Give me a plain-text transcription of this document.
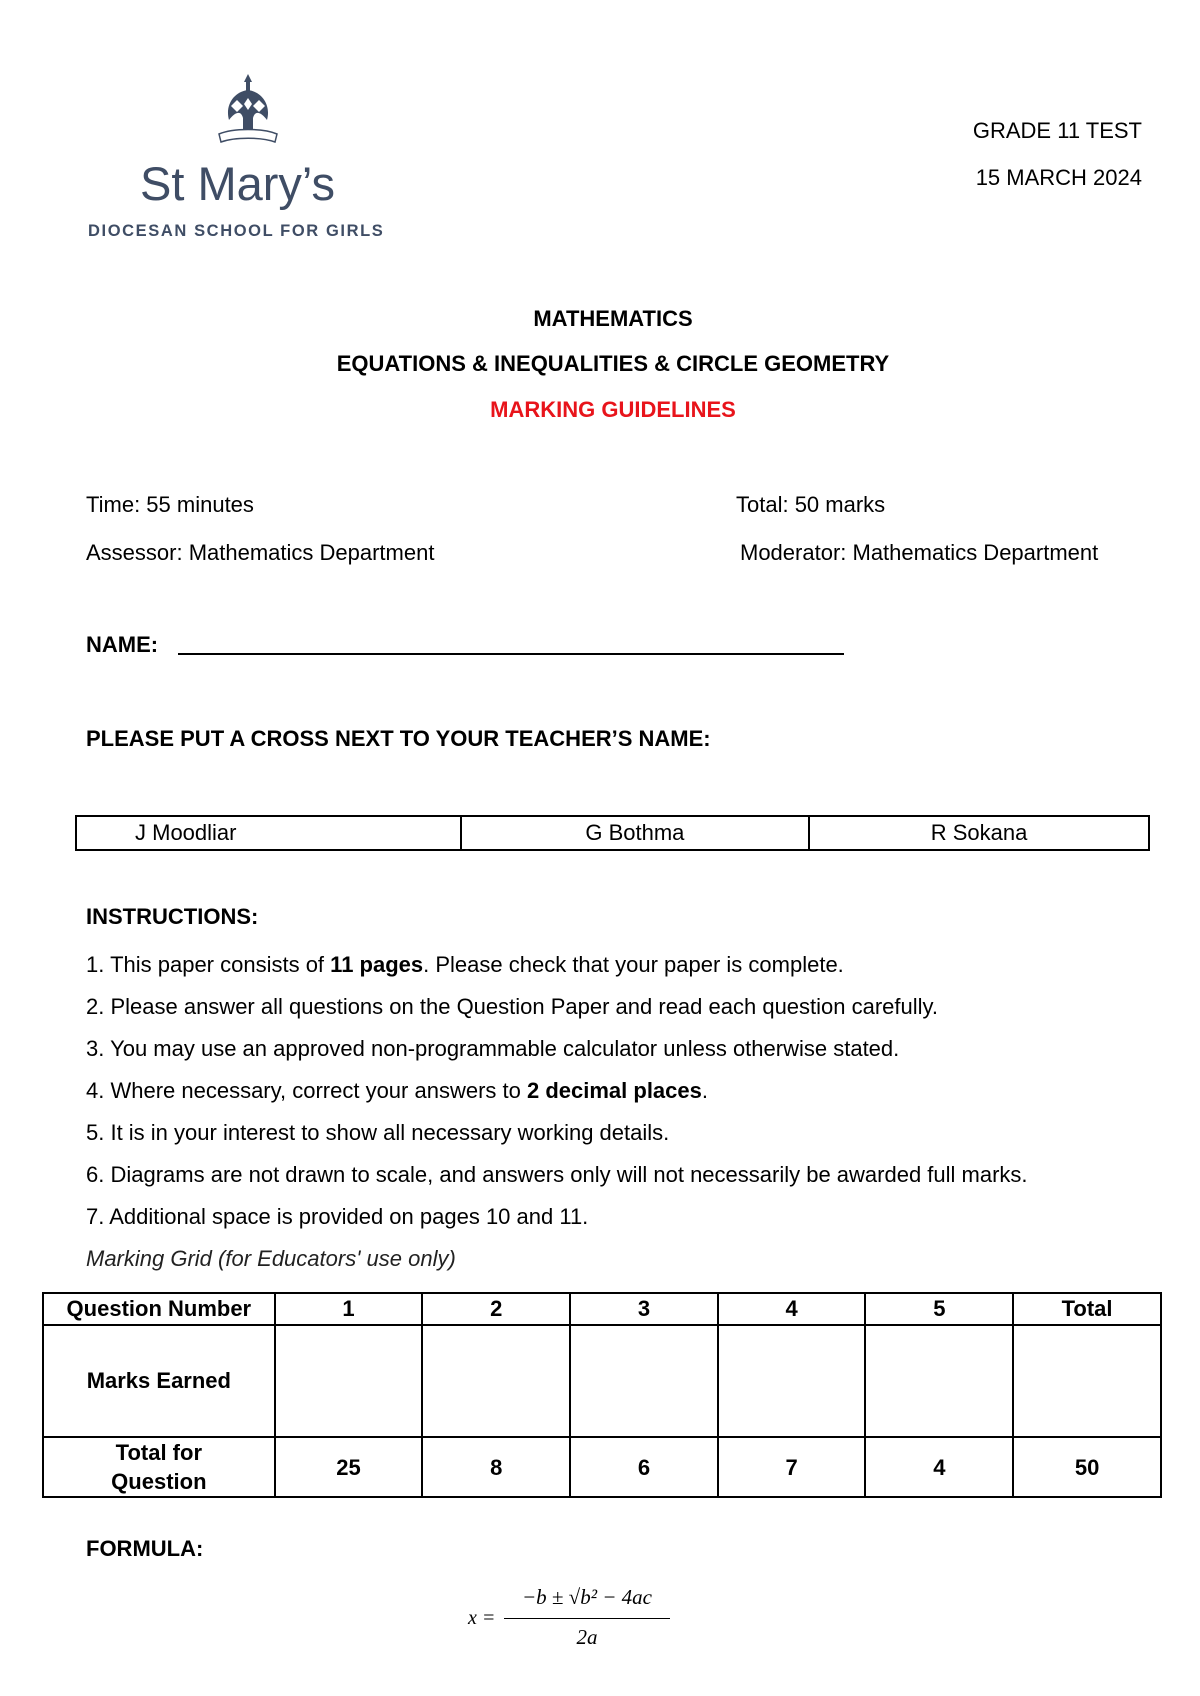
St Mary’s
DIOCESAN SCHOOL FOR GIRLS
GRADE 11 TEST
15 MARCH 2024
MATHEMATICS
EQUATIONS & INEQUALITIES & CIRCLE GEOMETRY
MARKING GUIDELINES
Time: 55 minutes	Total: 50 marks
Assessor: Mathematics Department	Moderator: Mathematics Department
NAME:
PLEASE PUT A CROSS NEXT TO YOUR TEACHER’S NAME:
J Moodliar	G Bothma	R Sokana
INSTRUCTIONS:
1. This paper consists of 11 pages. Please check that your paper is complete.
2. Please answer all questions on the Question Paper and read each question carefully.
3. You may use an approved non-programmable calculator unless otherwise stated.
4. Where necessary, correct your answers to 2 decimal places.
5. It is in your interest to show all necessary working details.
6. Diagrams are not drawn to scale, and answers only will not necessarily be awarded full marks.
7. Additional space is provided on pages 10 and 11.
Marking Grid (for Educators' use only)
Question Number	1	2	3	4	5	Total
Marks Earned						
Total for
Question	25	8	6	7	4	50
FORMULA:
x =
−b ± √b² − 4ac
2a
